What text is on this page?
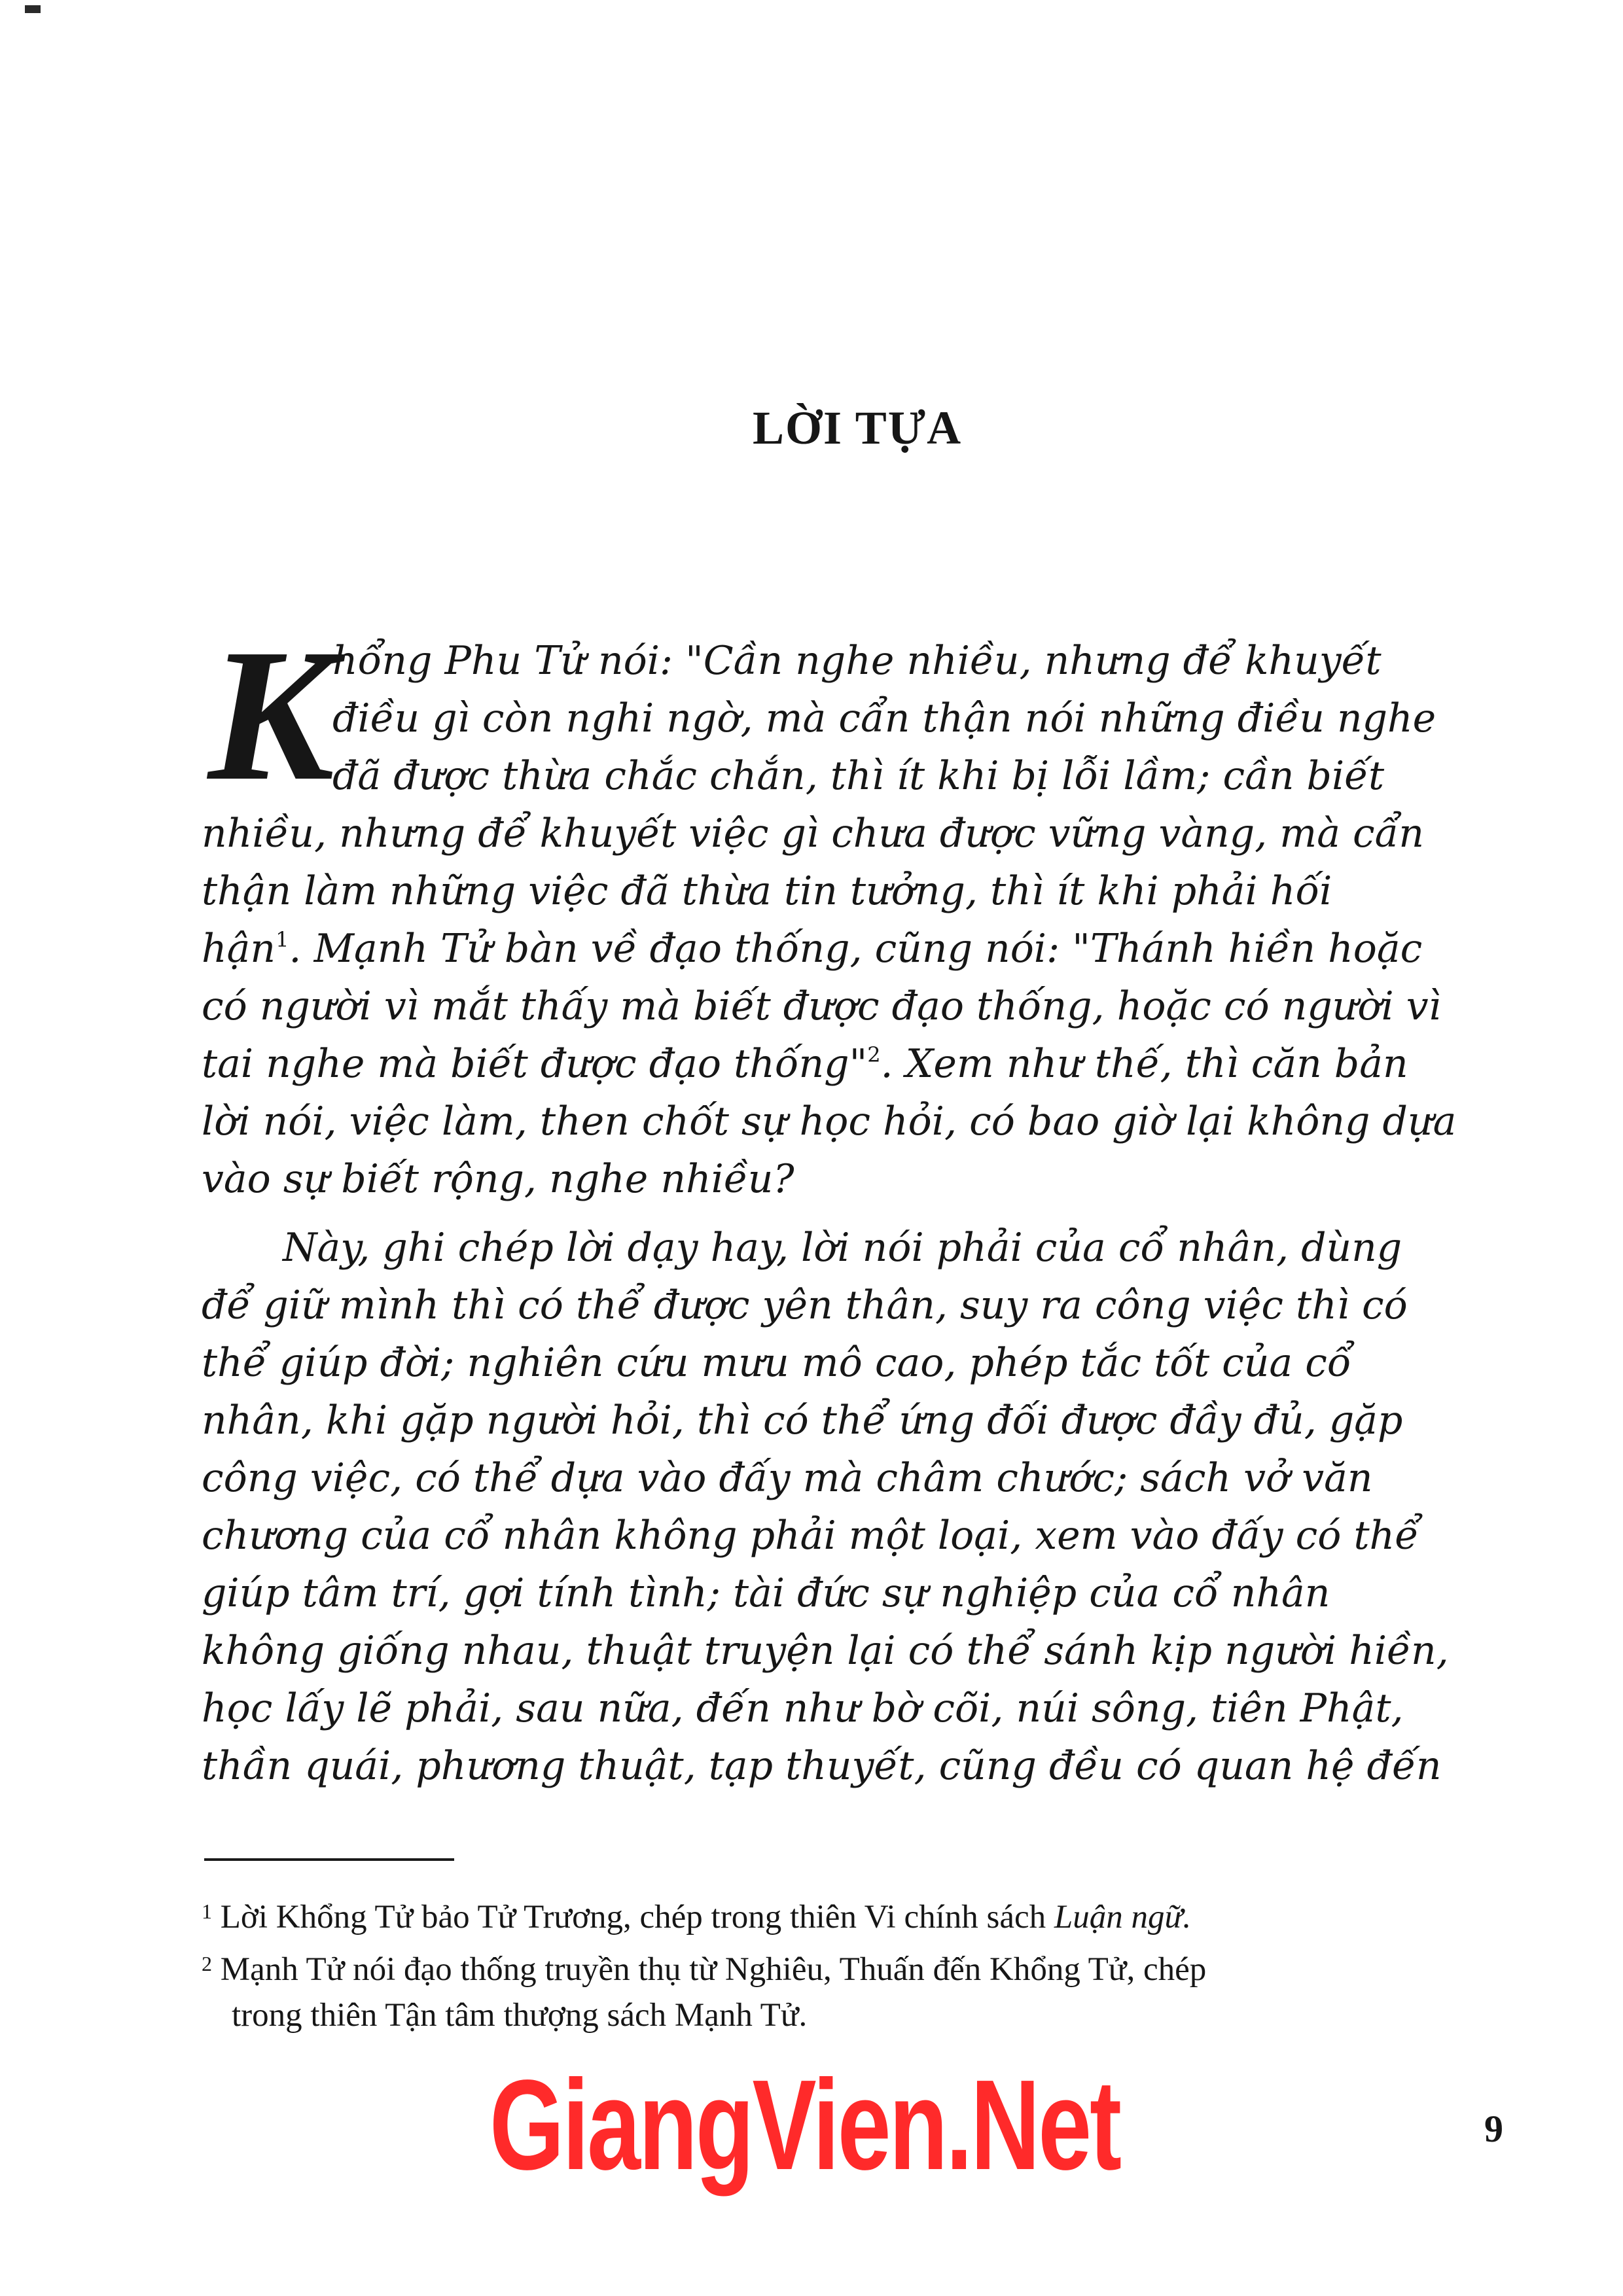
LỜI TỰA
K
hổng Phu Tử nói: "Cần nghe nhiều, nhưng để khuyết
điều gì còn nghi ngờ, mà cẩn thận nói những điều nghe
đã được thừa chắc chắn, thì ít khi bị lỗi lầm; cần biết
nhiều, nhưng để khuyết việc gì chưa được vững vàng, mà cẩn
thận làm những việc đã thừa tin tưởng, thì ít khi phải hối
hận$^1$. Mạnh Tử bàn về đạo thống, cũng nói: "Thánh hiền hoặc
có người vì mắt thấy mà biết được đạo thống, hoặc có người vì
tai nghe mà biết được đạo thống"$^2$. Xem như thế, thì căn bản
lời nói, việc làm, then chốt sự học hỏi, có bao giờ lại không dựa
vào sự biết rộng, nghe nhiều?
Này, ghi chép lời dạy hay, lời nói phải của cổ nhân, dùng
để giữ mình thì có thể được yên thân, suy ra công việc thì có
thể giúp đời; nghiên cứu mưu mô cao, phép tắc tốt của cổ
nhân, khi gặp người hỏi, thì có thể ứng đối được đầy đủ, gặp
công việc, có thể dựa vào đấy mà châm chước; sách vở văn
chương của cổ nhân không phải một loại, xem vào đấy có thể
giúp tâm trí, gợi tính tình; tài đức sự nghiệp của cổ nhân
không giống nhau, thuật truyện lại có thể sánh kịp người hiền,
học lấy lẽ phải, sau nữa, đến như bờ cõi, núi sông, tiên Phật,
thần quái, phương thuật, tạp thuyết, cũng đều có quan hệ đến
$^1$ Lời Khổng Tử bảo Tử Trương, chép trong thiên Vi chính sách Luận ngữ.
$^2$ Mạnh Tử nói đạo thống truyền thụ từ Nghiêu, Thuấn đến Khổng Tử, chép
trong thiên Tận tâm thượng sách Mạnh Tử.
GiangVien.Net	9
